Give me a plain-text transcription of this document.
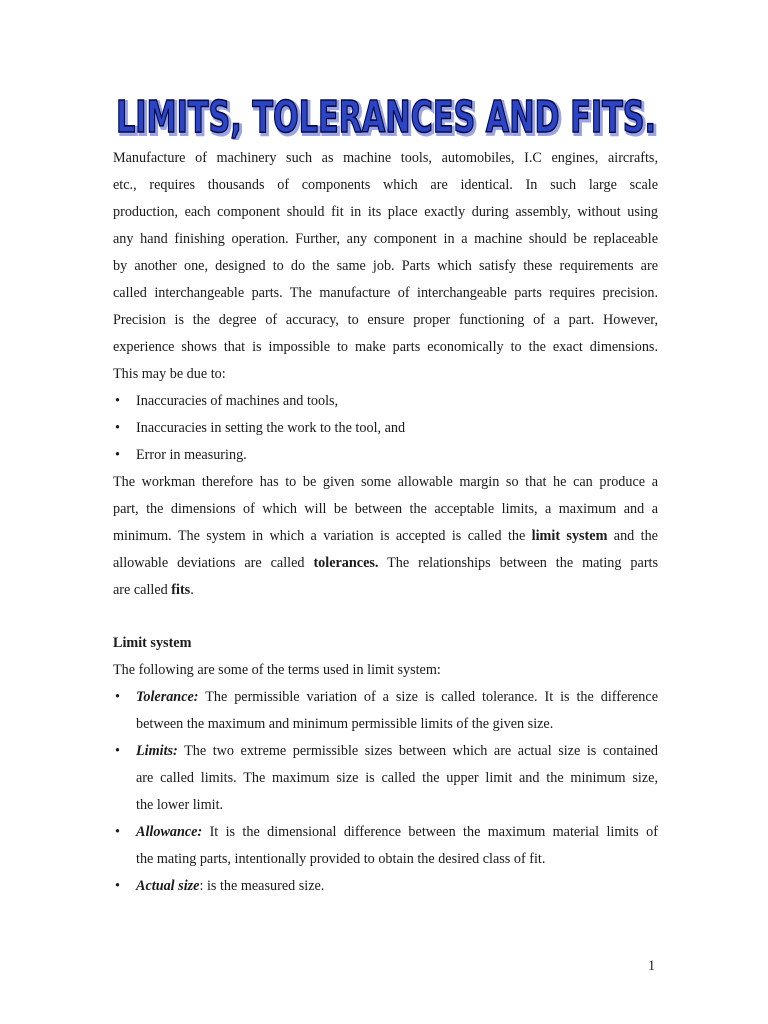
LIMITS, TOLERANCES AND FITS.
LIMITS, TOLERANCES AND FITS.

Manufacture of machinery such as machine tools, automobiles, I.C engines, aircrafts,

etc., requires thousands of components which are identical. In such large scale

production, each component should fit in its place exactly during assembly, without using

any hand finishing operation. Further, any component in a machine should be replaceable

by another one, designed to do the same job. Parts which satisfy these requirements are

called interchangeable parts. The manufacture of interchangeable parts requires precision.

Precision is the degree of accuracy, to ensure proper functioning of a part. However,

experience shows that is impossible to make parts economically to the exact dimensions.

This may be due to:

• Inaccuracies of machines and tools,
• Inaccuracies in setting the work to the tool, and
• Error in measuring.

The workman therefore has to be given some allowable margin so that he can produce a

part, the dimensions of which will be between the acceptable limits, a maximum and a

minimum. The system in which a variation is accepted is called the limit system and the

allowable deviations are called tolerances. The relationships between the mating parts

are called fits.

Limit system

The following are some of the terms used in limit system:

• Tolerance: The permissible variation of a size is called tolerance. It is the difference

between the maximum and minimum permissible limits of the given size.

• Limits: The two extreme permissible sizes between which are actual size is contained

are called limits. The maximum size is called the upper limit and the minimum size,

the lower limit.

• Allowance: It is the dimensional difference between the maximum material limits of

the mating parts, intentionally provided to obtain the desired class of fit.

• Actual size: is the measured size.

1
